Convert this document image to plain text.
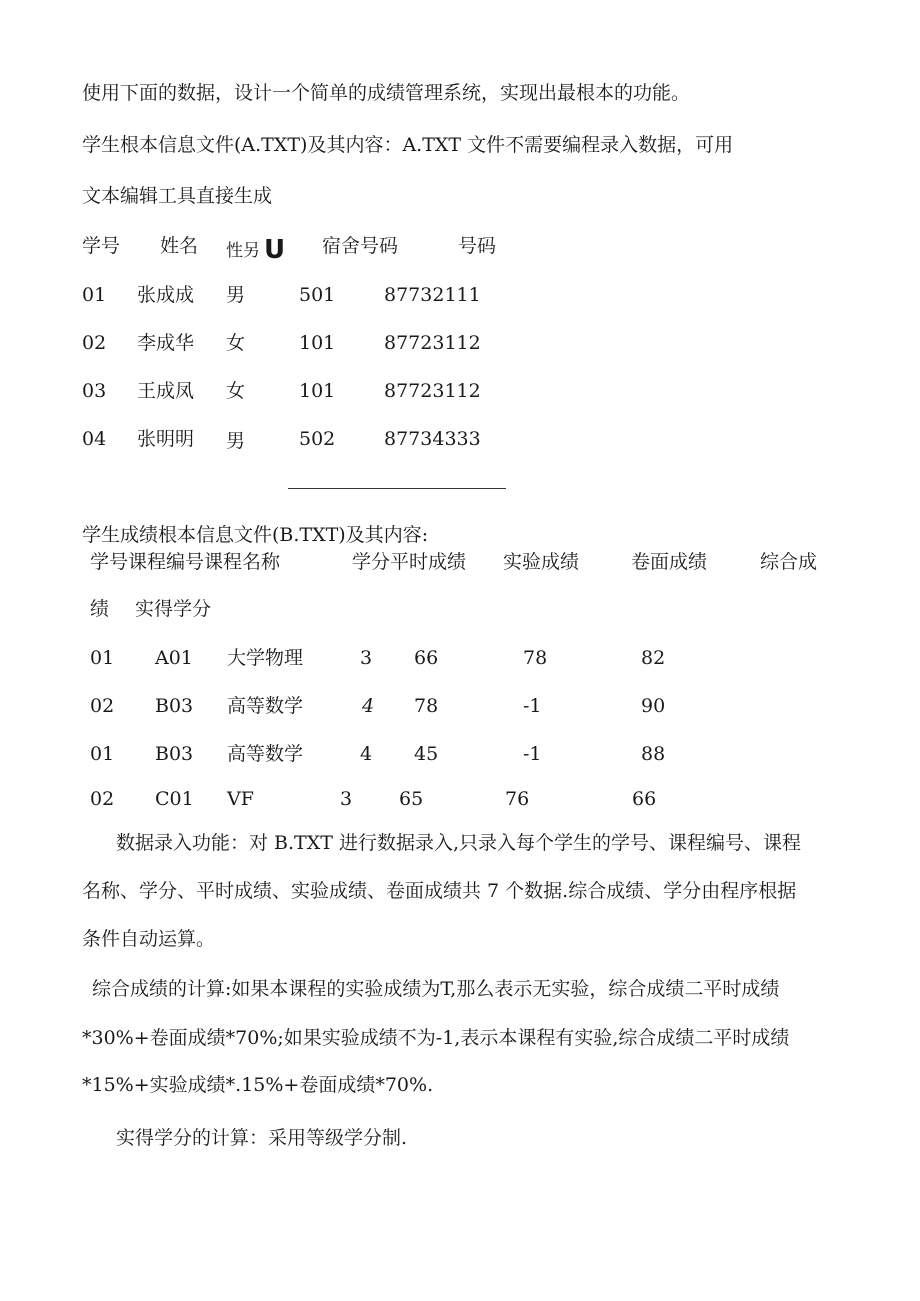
使用下面的数据，设计一个简单的成绩管理系统，实现出最根本的功能。
学生根本信息文件(A.TXT)及其内容：A.TXT 文件不需要编程录入数据，可用
文本编辑工具直接生成
学号 姓名 性另 U 宿舍号码	号码
01 张成成 男	501	87732111
02 李成华 女	101	87723112
03 王成凤 女	101	87723112
04 张明明 男	502	87734333
学生成绩根本信息文件(B.TXT)及其内容:
学号课程编号课程名称	学分平时成绩 实验成绩	卷面成绩	综合成
绩 实得学分
01 A01 大学物理	3 66	78	82
02 B03 高等数学	4 78	-1	90
01 B03 高等数学	4 45	-1	88
02 C01 VF	3 65	76	66
数据录入功能：对 B.TXT 进行数据录入,只录入每个学生的学号、课程编号、课程
名称、学分、平时成绩、实验成绩、卷面成绩共 7 个数据.综合成绩、学分由程序根据
条件自动运算。
综合成绩的计算:如果本课程的实验成绩为T,那么表示无实验，综合成绩二平时成绩
*30%+卷面成绩*70%;如果实验成绩不为-1,表示本课程有实验,综合成绩二平时成绩
*15%+实验成绩*.15%+卷面成绩*70%.
实得学分的计算：采用等级学分制.
